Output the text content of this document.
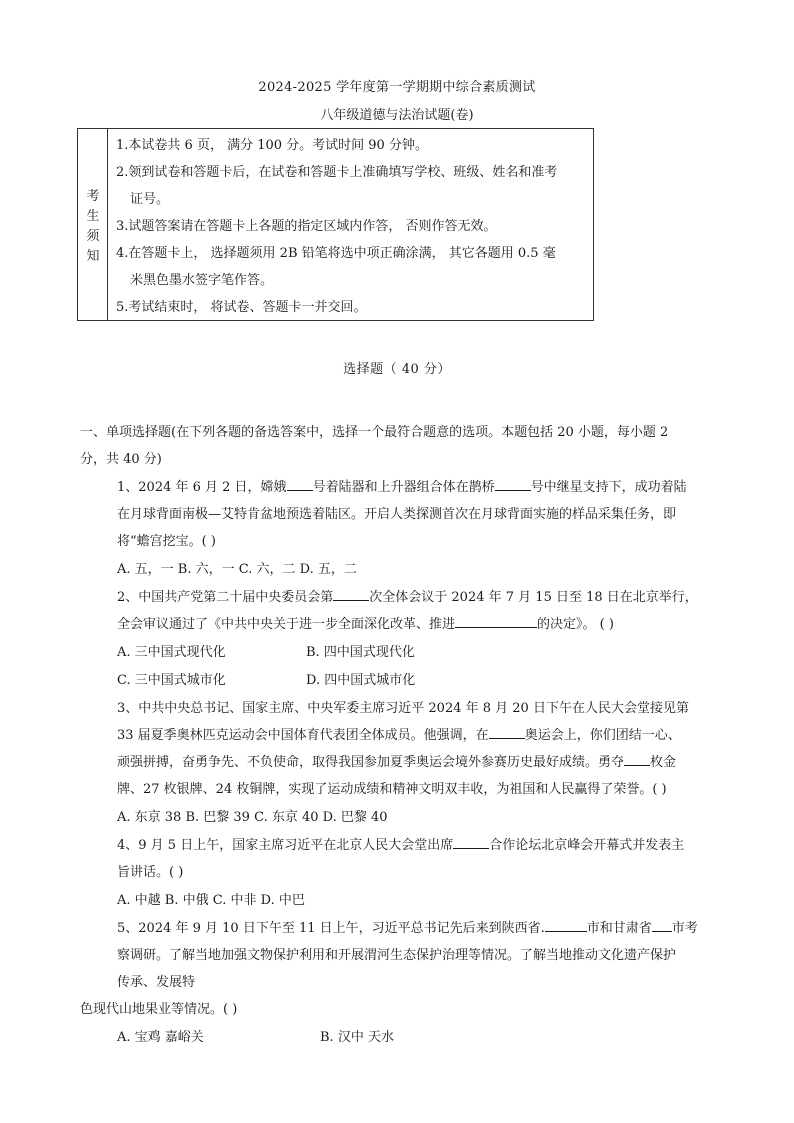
2024-2025 学年度第一学期期中综合素质测试
八年级道德与法治试题(卷)
考生须知
1.本试卷共 6 页， 满分 100 分。考试时间 90 分钟。
2.领到试卷和答题卡后，在试卷和答题卡上准确填写学校、班级、姓名和准考
证号。
3.试题答案请在答题卡上各题的指定区域内作答， 否则作答无效。
4.在答题卡上， 选择题须用 2B 铅笔将选中项正确涂满， 其它各题用 0.5 毫
米黑色墨水签字笔作答。
5.考试结束时， 将试卷、答题卡一并交回。
选择题（ 40 分）
一、单项选择题(在下列各题的备选答案中，选择一个最符合题意的选项。本题包括 20 小题，每小题 2
分，共 40 分)
1、2024 年 6 月 2 日，嫦娥 号着陆器和上升器组合体在鹊桥	号中继星支持下，成功着陆
在月球背面南极—艾特肯盆地预选着陆区。开启人类探测首次在月球背面实施的样品采集任务，即
将“蟾宫挖宝。( )
A. 五，一 B. 六，一 C. 六，二 D. 五，二
2、中国共产党第二十届中央委员会第	次全体会议于 2024 年 7 月 15 日至 18 日在北京举行，
全会审议通过了《中共中央关于进一步全面深化改革、推进	的决定》。 ( )
A. 三中国式现代化	B. 四中国式现代化
C. 三中国式城市化	D. 四中国式城市化
3、中共中央总书记、国家主席、中央军委主席习近平 2024 年 8 月 20 日下午在人民大会堂接见第
33 届夏季奥林匹克运动会中国体育代表团全体成员。他强调，在	奥运会上，你们团结一心、
顽强拼搏，奋勇争先、不负使命，取得我国参加夏季奥运会境外参赛历史最好成绩。勇夺 枚金
牌、27 枚银牌、24 枚铜牌，实现了运动成绩和精神文明双丰收，为祖国和人民赢得了荣誉。( )
A. 东京 38 B. 巴黎 39 C. 东京 40 D. 巴黎 40
4、9 月 5 日上午，国家主席习近平在北京人民大会堂出席	合作论坛北京峰会开幕式并发表主
旨讲话。( )
A. 中越 B. 中俄 C. 中非 D. 中巴
5、2024 年 9 月 10 日下午至 11 日上午，习近平总书记先后来到陕西省.	市和甘肃省 市考
察调研。了解当地加强文物保护利用和开展渭河生态保护治理等情况。了解当地推动文化遗产保护
传承、发展特
色现代山地果业等情况。( )
A. 宝鸡 嘉峪关	B. 汉中 天水
